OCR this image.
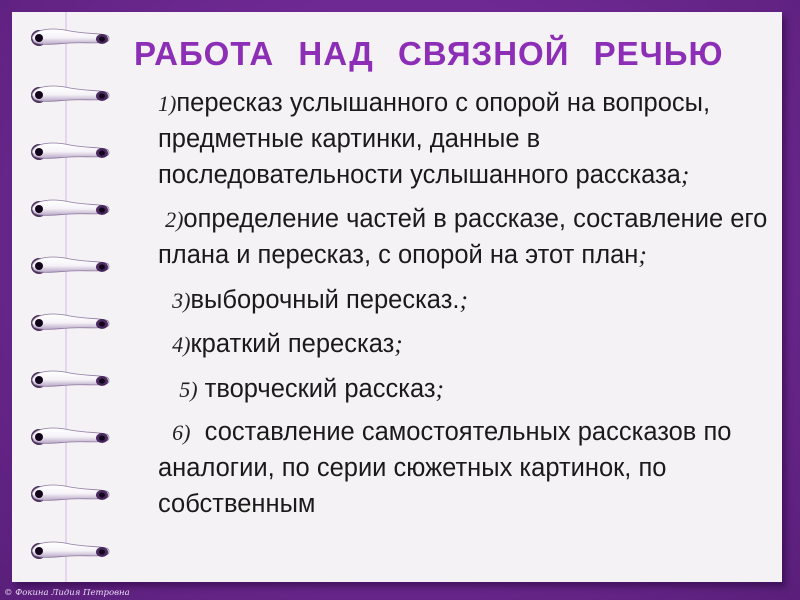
РАБОТА НАД СВЯЗНОЙ РЕЧЬЮ

1)пересказ услышанного с опорой на вопросы, предметные картинки, данные в последовательности услышанного рассказа;

2)определение частей в рассказе, составление его плана и пересказ, с опорой на этот план;

3)выборочный пересказ.;

4)краткий пересказ;

5) творческий рассказ;

6)  составление самостоятельных рассказов по аналогии, по серии сюжетных картинок, по собственным

© Фокина Лидия Петровна
